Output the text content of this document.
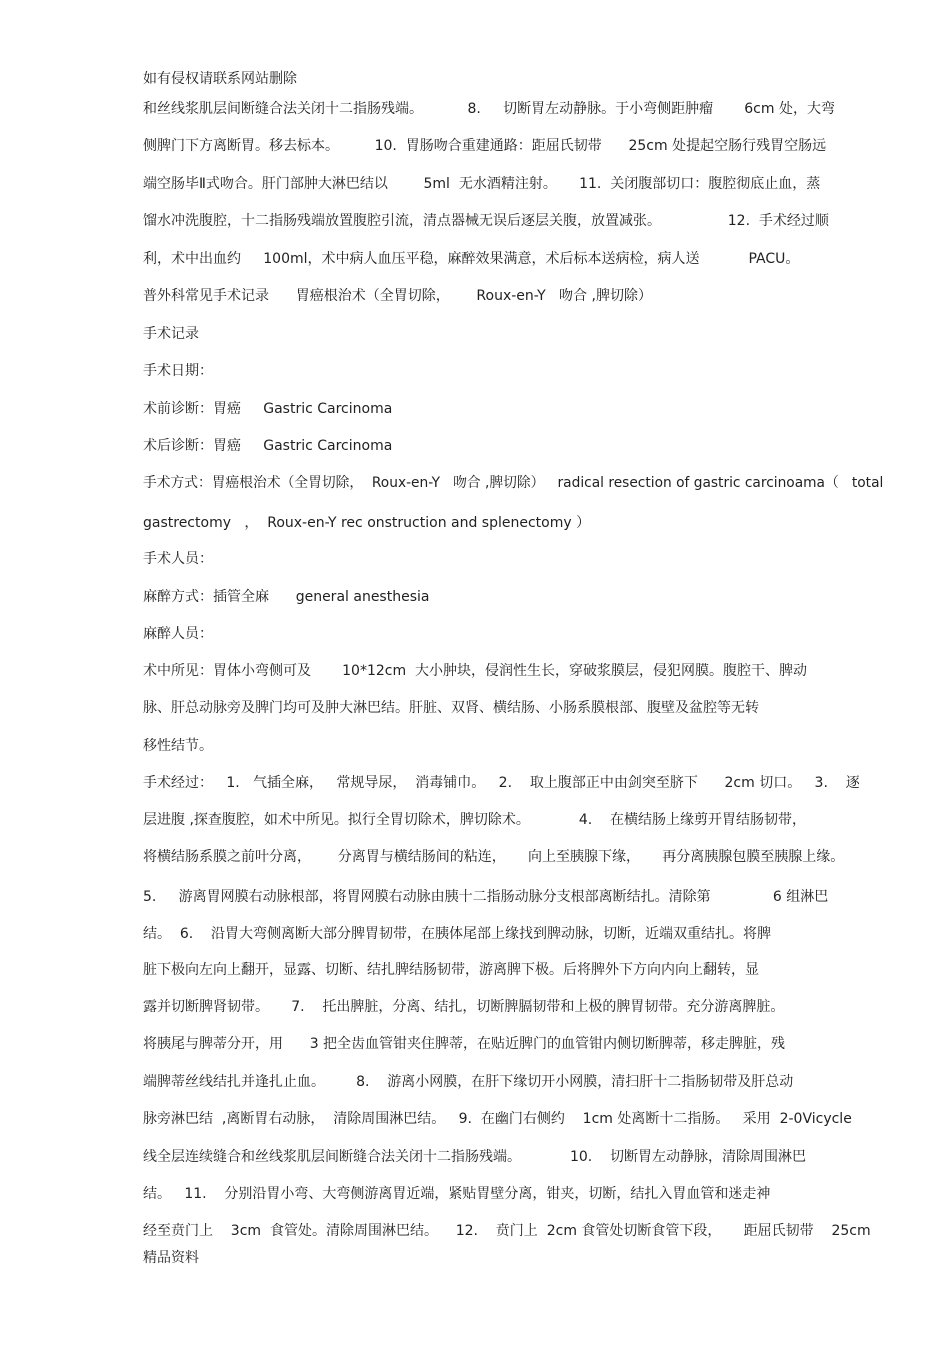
如有侵权请联系网站删除
和丝线浆肌层间断缝合法关闭十二指肠残端。          8.     切断胃左动静脉。于小弯侧距肿瘤       6cm 处，大弯
侧脾门下方离断胃。移去标本。        10.  胃肠吻合重建通路：距屈氏韧带      25cm 处提起空肠行残胃空肠远
端空肠毕Ⅱ式吻合。肝门部肿大淋巴结以        5ml  无水酒精注射。     11.  关闭腹部切口：腹腔彻底止血，蒸
馏水冲洗腹腔，十二指肠残端放置腹腔引流，清点器械无误后逐层关腹，放置减张。               12.  手术经过顺
利，术中出血约     100ml，术中病人血压平稳，麻醉效果满意，术后标本送病检，病人送           PACU。
普外科常见手术记录      胃癌根治术（全胃切除，      Roux-en-Y   吻合 ,脾切除）
手术记录
手术日期：
术前诊断：胃癌     Gastric Carcinoma
术后诊断：胃癌     Gastric Carcinoma
手术方式：胃癌根治术（全胃切除，  Roux-en-Y   吻合 ,脾切除）   radical resection of gastric carcinoama（   total
gastrectomy   ，  Roux-en-Y rec onstruction and splenectomy ）
手术人员：
麻醉方式：插管全麻      general anesthesia
麻醉人员：
术中所见：胃体小弯侧可及       10*12cm  大小肿块，侵润性生长，穿破浆膜层，侵犯网膜。腹腔干、脾动
脉、肝总动脉旁及脾门均可及肿大淋巴结。肝脏、双肾、横结肠、小肠系膜根部、腹壁及盆腔等无转
移性结节。
手术经过：   1.   气插全麻，   常规导尿，  消毒铺巾。   2.    取上腹部正中由剑突至脐下      2cm 切口。   3.    逐
层进腹 ,探查腹腔，如术中所见。拟行全胃切除术，脾切除术。           4.    在横结肠上缘剪开胃结肠韧带，
将横结肠系膜之前叶分离，      分离胃与横结肠间的粘连，     向上至胰腺下缘，     再分离胰腺包膜至胰腺上缘。
5.     游离胃网膜右动脉根部，将胃网膜右动脉由胰十二指肠动脉分支根部离断结扎。清除第              6 组淋巴
结。  6.    沿胃大弯侧离断大部分脾胃韧带，在胰体尾部上缘找到脾动脉，切断，近端双重结扎。将脾
脏下极向左向上翻开，显露、切断、结扎脾结肠韧带，游离脾下极。后将脾外下方向内向上翻转，显
露并切断脾肾韧带。     7.    托出脾脏，分离、结扎，切断脾膈韧带和上极的脾胃韧带。充分游离脾脏。
将胰尾与脾蒂分开，用      3 把全齿血管钳夹住脾蒂，在贴近脾门的血管钳内侧切断脾蒂，移走脾脏，残
端脾蒂丝线结扎并逢扎止血。       8.    游离小网膜，在肝下缘切开小网膜，清扫肝十二指肠韧带及肝总动
脉旁淋巴结  ,离断胃右动脉，  清除周围淋巴结。   9.  在幽门右侧约    1cm 处离断十二指肠。   采用  2-0Vicycle
线全层连续缝合和丝线浆肌层间断缝合法关闭十二指肠残端。           10.    切断胃左动静脉，清除周围淋巴
结。   11.    分别沿胃小弯、大弯侧游离胃近端，紧贴胃壁分离，钳夹，切断，结扎入胃血管和迷走神
经至贲门上    3cm  食管处。清除周围淋巴结。    12.    贲门上  2cm 食管处切断食管下段，     距屈氏韧带    25cm
精品资料
